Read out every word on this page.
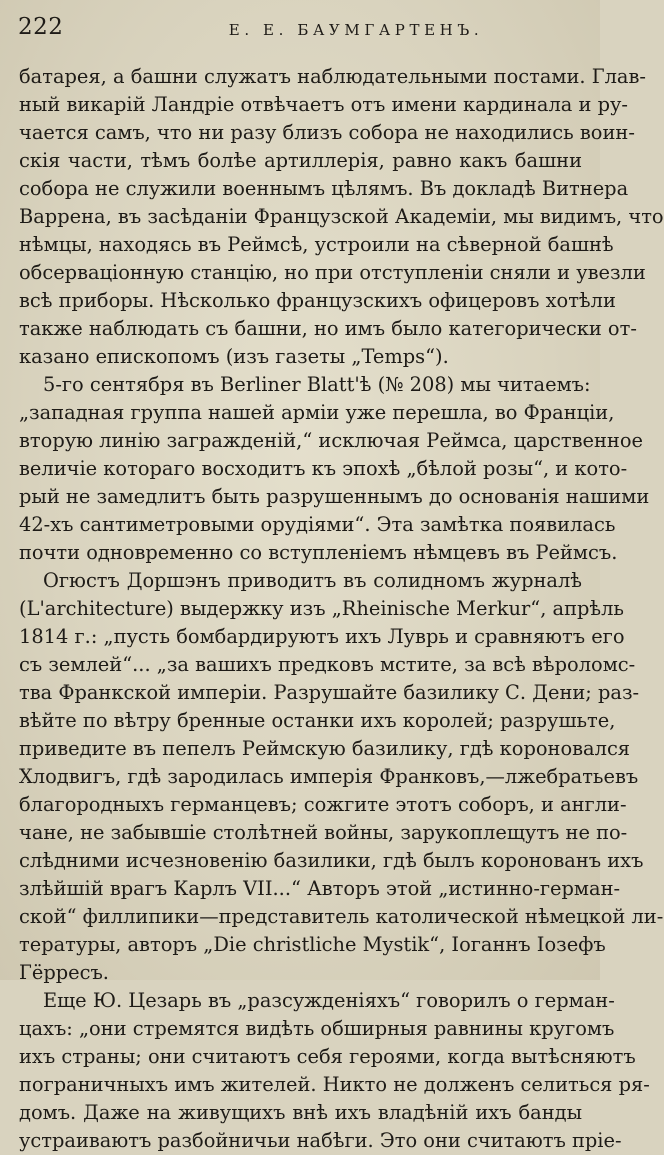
222	Е. Е. БАУМГАРТЕНЪ.
батарея, а башни служатъ наблюдательными постами. Глав-
ный викарій Ландріе отвѣчаетъ отъ имени кардинала и ру-
чается самъ, что ни разу близъ собора не находились воин-
скія части, тѣмъ болѣе артиллерія, равно какъ башни
собора не служили военнымъ цѣлямъ. Въ докладѣ Витнера
Варрена, въ засѣданіи Французской Академіи, мы видимъ, что
нѣмцы, находясь въ Реймсѣ, устроили на сѣверной башнѣ
обсерваціонную станцію, но при отступленіи сняли и увезли
всѣ приборы. Нѣсколько французскихъ офицеровъ хотѣли
также наблюдать съ башни, но имъ было категорически от-
казано епископомъ (изъ газеты „Temps“).
5-го сентября въ Berliner Blatt'ѣ (№ 208) мы читаемъ:
„западная группа нашей арміи уже перешла, во Франціи,
вторую линію загражденій,“ исключая Реймса, царственное
величіе котораго восходитъ къ эпохѣ „бѣлой розы“, и кото-
рый не замедлитъ быть разрушеннымъ до основанія нашими
42-хъ сантиметровыми орудіями“. Эта замѣтка появилась
почти одновременно со вступленіемъ нѣмцевъ въ Реймсъ.
Огюстъ Доршэнъ приводитъ въ солидномъ журналѣ
(L'architecture) выдержку изъ „Rheinische Merkur“, апрѣль
1814 г.: „пусть бомбардируютъ ихъ Луврь и сравняютъ его
съ землей“... „за вашихъ предковъ мстите, за всѣ вѣроломс-
тва Франкской имперіи. Разрушайте базилику С. Дени; раз-
вѣйте по вѣтру бренные останки ихъ королей; разрушьте,
приведите въ пепелъ Реймскую базилику, гдѣ короновался
Хлодвигъ, гдѣ зародилась имперія Франковъ,—лжебратьевъ
благородныхъ германцевъ; сожгите этотъ соборъ, и англи-
чане, не забывшіе столѣтней войны, зарукоплещутъ не по-
слѣдними исчезновенію базилики, гдѣ былъ коронованъ ихъ
злѣйшій врагъ Карлъ VII...“ Авторъ этой „истинно-герман-
ской“ филлипики—представитель католической нѣмецкой ли-
тературы, авторъ „Die christliche Mystik“, Іоганнъ Іозефъ
Гёрресъ.
Еще Ю. Цезарь въ „разсужденіяхъ“ говорилъ о герман-
цахъ: „они стремятся видѣть обширныя равнины кругомъ
ихъ страны; они считаютъ себя героями, когда вытѣсняютъ
пограничныхъ имъ жителей. Никто не долженъ селиться ря-
домъ. Даже на живущихъ внѣ ихъ владѣній ихъ банды
устраиваютъ разбойничьи набѣги. Это они считаютъ пріе-
